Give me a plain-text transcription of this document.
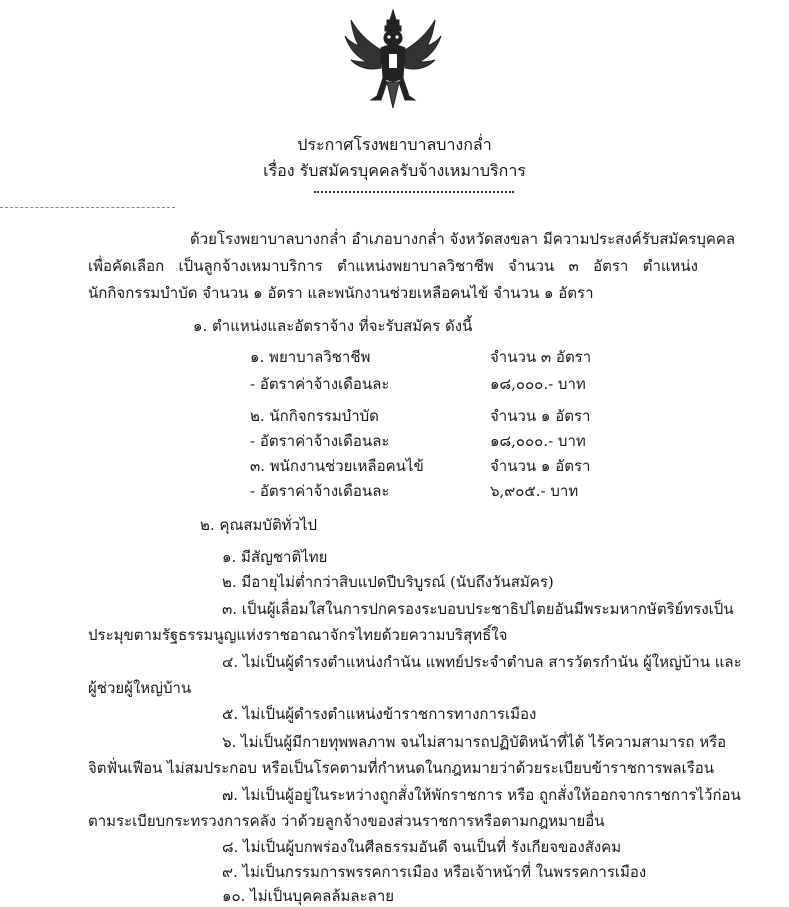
ประกาศโรงพยาบาลบางกล่ำ
เรื่อง รับสมัครบุคคลรับจ้างเหมาบริการ
ด้วยโรงพยาบาลบางกล่ำ อำเภอบางกล่ำ จังหวัดสงขลา มีความประสงค์รับสมัครบุคคล
เพื่อคัดเลือก เป็นลูกจ้างเหมาบริการ ตำแหน่งพยาบาลวิชาชีพ จำนวน ๓ อัตรา ตำแหน่ง
นักกิจกรรมบำบัด จำนวน ๑ อัตรา และพนักงานช่วยเหลือคนไข้ จำนวน ๑ อัตรา
๑. ตำแหน่งและอัตราจ้าง ที่จะรับสมัคร ดังนี้
๑. พยาบาลวิชาชีพ	จำนวน ๓ อัตรา
- อัตราค่าจ้างเดือนละ	๑๘,๐๐๐.- บาท
๒. นักกิจกรรมบำบัด	จำนวน ๑ อัตรา
- อัตราค่าจ้างเดือนละ	๑๘,๐๐๐.- บาท
๓. พนักงานช่วยเหลือคนไข้	จำนวน ๑ อัตรา
- อัตราค่าจ้างเดือนละ	๖,๙๐๕.- บาท
๒. คุณสมบัติทั่วไป
๑. มีสัญชาติไทย
๒. มีอายุไม่ต่ำกว่าสิบแปดปีบริบูรณ์ (นับถึงวันสมัคร)
๓. เป็นผู้เลื่อมใสในการปกครองระบอบประชาธิปไตยอันมีพระมหากษัตริย์ทรงเป็น
ประมุขตามรัฐธรรมนูญแห่งราชอาณาจักรไทยด้วยความบริสุทธิ์ใจ
๔. ไม่เป็นผู้ดำรงตำแหน่งกำนัน แพทย์ประจำตำบล สารวัตรกำนัน ผู้ใหญ่บ้าน และ
ผู้ช่วยผู้ใหญ่บ้าน
๕. ไม่เป็นผู้ดำรงตำแหน่งข้าราชการทางการเมือง
๖. ไม่เป็นผู้มีกายทุพพลภาพ จนไม่สามารถปฏิบัติหน้าที่ได้ ไร้ความสามารถ หรือ
จิตฟั่นเฟือน ไม่สมประกอบ หรือเป็นโรคตามที่กำหนดในกฎหมายว่าด้วยระเบียบข้าราชการพลเรือน
๗. ไม่เป็นผู้อยู่ในระหว่างถูกสั่งให้พักราชการ หรือ ถูกสั่งให้ออกจากราชการไว้ก่อน
ตามระเบียบกระทรวงการคลัง ว่าด้วยลูกจ้างของส่วนราชการหรือตามกฎหมายอื่น
๘. ไม่เป็นผู้บกพร่องในศีลธรรมอันดี จนเป็นที่ รังเกียจของสังคม
๙. ไม่เป็นกรรมการพรรคการเมือง หรือเจ้าหน้าที่ ในพรรคการเมือง
๑๐. ไม่เป็นบุคคลล้มละลาย
